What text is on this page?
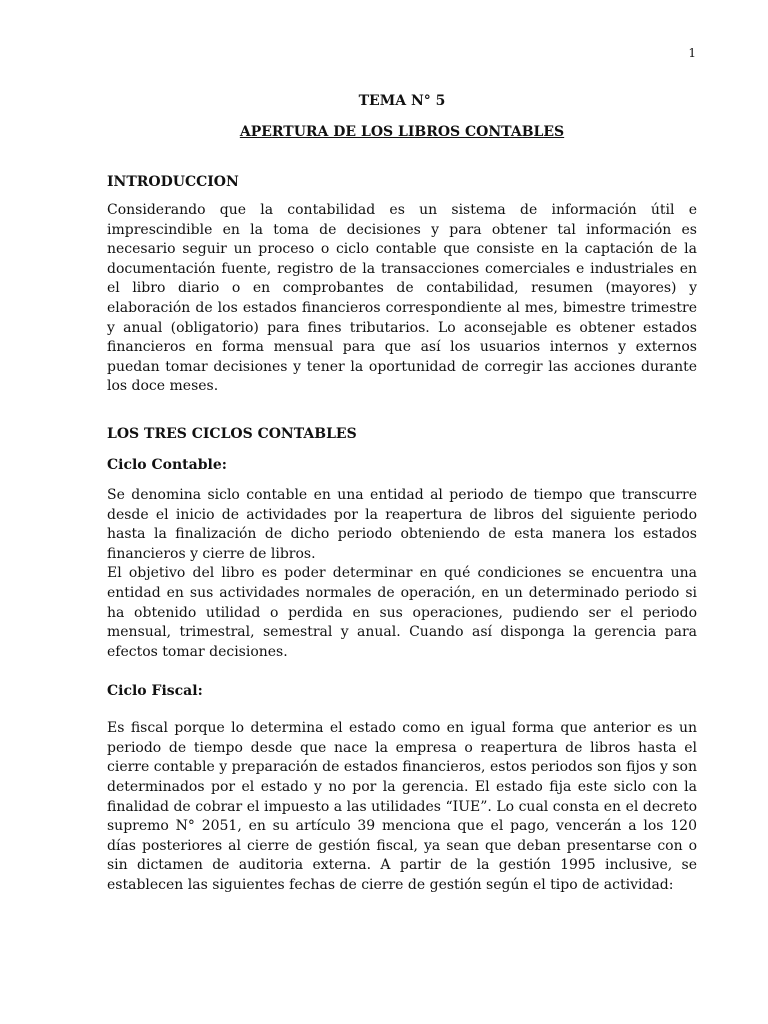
1
TEMA N° 5
APERTURA DE LOS LIBROS CONTABLES
INTRODUCCION

Considerando que la contabilidad es un sistema de información útil e imprescindible en la toma de decisiones y para obtener tal información es necesario seguir un proceso o ciclo contable que consiste en la captación de la documentación fuente, registro de la transacciones comerciales e industriales en el libro diario o en comprobantes de contabilidad, resumen (mayores) y elaboración de los estados financieros correspondiente al mes, bimestre trimestre y anual (obligatorio) para fines tributarios. Lo aconsejable es obtener estados financieros en forma mensual para que así los usuarios internos y externos puedan tomar decisiones y tener la oportunidad de corregir las acciones durante los doce meses.

LOS TRES CICLOS CONTABLES
Ciclo Contable:

Se denomina siclo contable en una entidad al periodo de tiempo que transcurre desde el inicio de actividades por la reapertura de libros del siguiente periodo hasta la finalización de dicho periodo obteniendo de esta manera los estados financieros y cierre de libros.

El objetivo del libro es poder determinar en qué condiciones se encuentra una entidad en sus actividades normales de operación, en un determinado periodo si ha obtenido utilidad o perdida en sus operaciones, pudiendo ser el periodo mensual, trimestral, semestral y anual. Cuando así disponga la gerencia para efectos tomar decisiones.

Ciclo Fiscal:

Es fiscal porque lo determina el estado como en igual forma que anterior es un periodo de tiempo desde que nace la empresa o reapertura de libros hasta el cierre contable y preparación de estados financieros, estos periodos son fijos y son determinados por el estado y no por la gerencia. El estado fija este siclo con la finalidad de cobrar el impuesto a las utilidades “IUE”. Lo cual consta en el decreto supremo N° 2051, en su artículo 39 menciona que el pago, vencerán a los 120 días posteriores al cierre de gestión fiscal, ya sean que deban presentarse con o sin dictamen de auditoria externa. A partir de la gestión 1995 inclusive, se establecen las siguientes fechas de cierre de gestión según el tipo de actividad:
